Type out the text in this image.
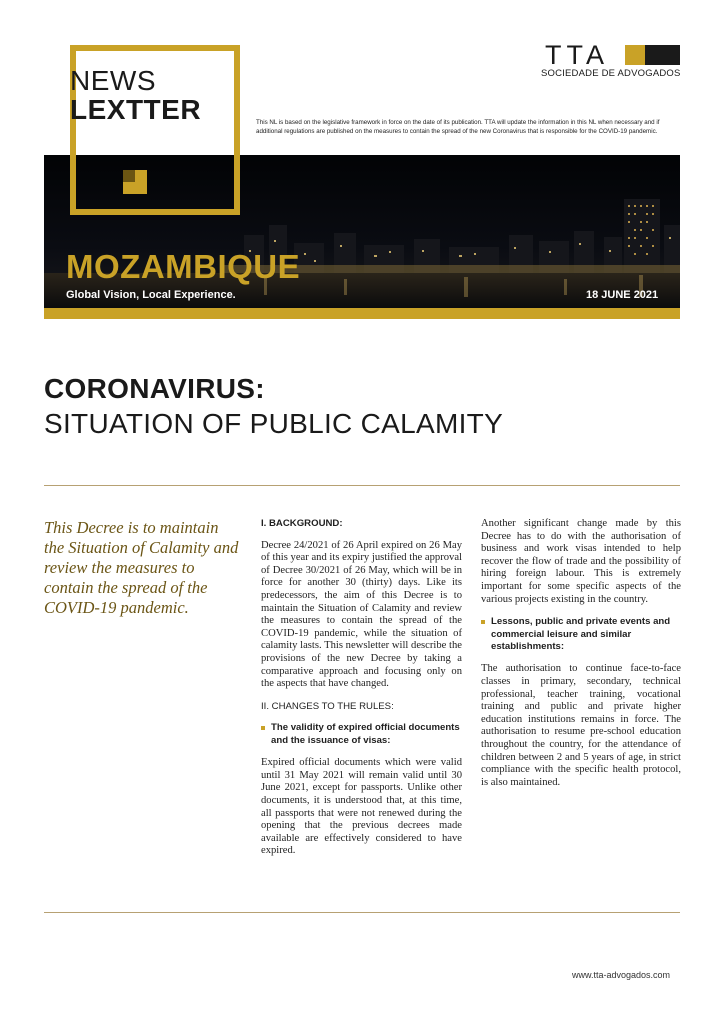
NEWS
LEXTTER
TTA
SOCIEDADE DE ADVOGADOS
This NL is based on the legislative framework in force on the date of its publication. TTA will update the information in this NL when necessary and if additional regulations are published on the measures to contain the spread of the new Coronavirus that is responsible for the COVID-19 pandemic.
MOZAMBIQUE
Global Vision, Local Experience.	18 JUNE 2021
CORONAVIRUS:
SITUATION OF PUBLIC CALAMITY
This Decree is to maintain the Situation of Calamity and review the measures to contain the spread of the COVID-19 pandemic.
I. BACKGROUND:

Decree 24/2021 of 26 April expired on 26 May of this year and its expiry justified the approval of Decree 30/2021 of 26 May, which will be in force for another 30 (thirty) days. Like its predecessors, the aim of this Decree is to maintain the Situation of Calamity and review the measures to contain the spread of the COVID-19 pandemic, while the situation of calamity lasts. This newsletter will describe the provisions of the new Decree by taking a comparative approach and focusing only on the aspects that have changed.

II. CHANGES TO THE RULES:
The validity of expired official documents and the issuance of visas:

Expired official documents which were valid until 31 May 2021 will remain valid until 30 June 2021, except for passports. Unlike other documents, it is understood that, at this time, all passports that were not renewed during the opening that the previous decrees made available are effectively considered to have expired.

Another significant change made by this Decree has to do with the authorisation of business and work visas intended to help recover the flow of trade and the possibility of hiring foreign labour. This is extremely important for some specific aspects of the various projects existing in the country.

Lessons, public and private events and commercial leisure and similar establishments:

The authorisation to continue face-to-face classes in primary, secondary, technical professional, teacher training, vocational training and public and private higher education institutions remains in force. The authorisation to resume pre-school education throughout the country, for the attendance of children between 2 and 5 years of age, in strict compliance with the specific health protocol, is also maintained.

www.tta-advogados.com
